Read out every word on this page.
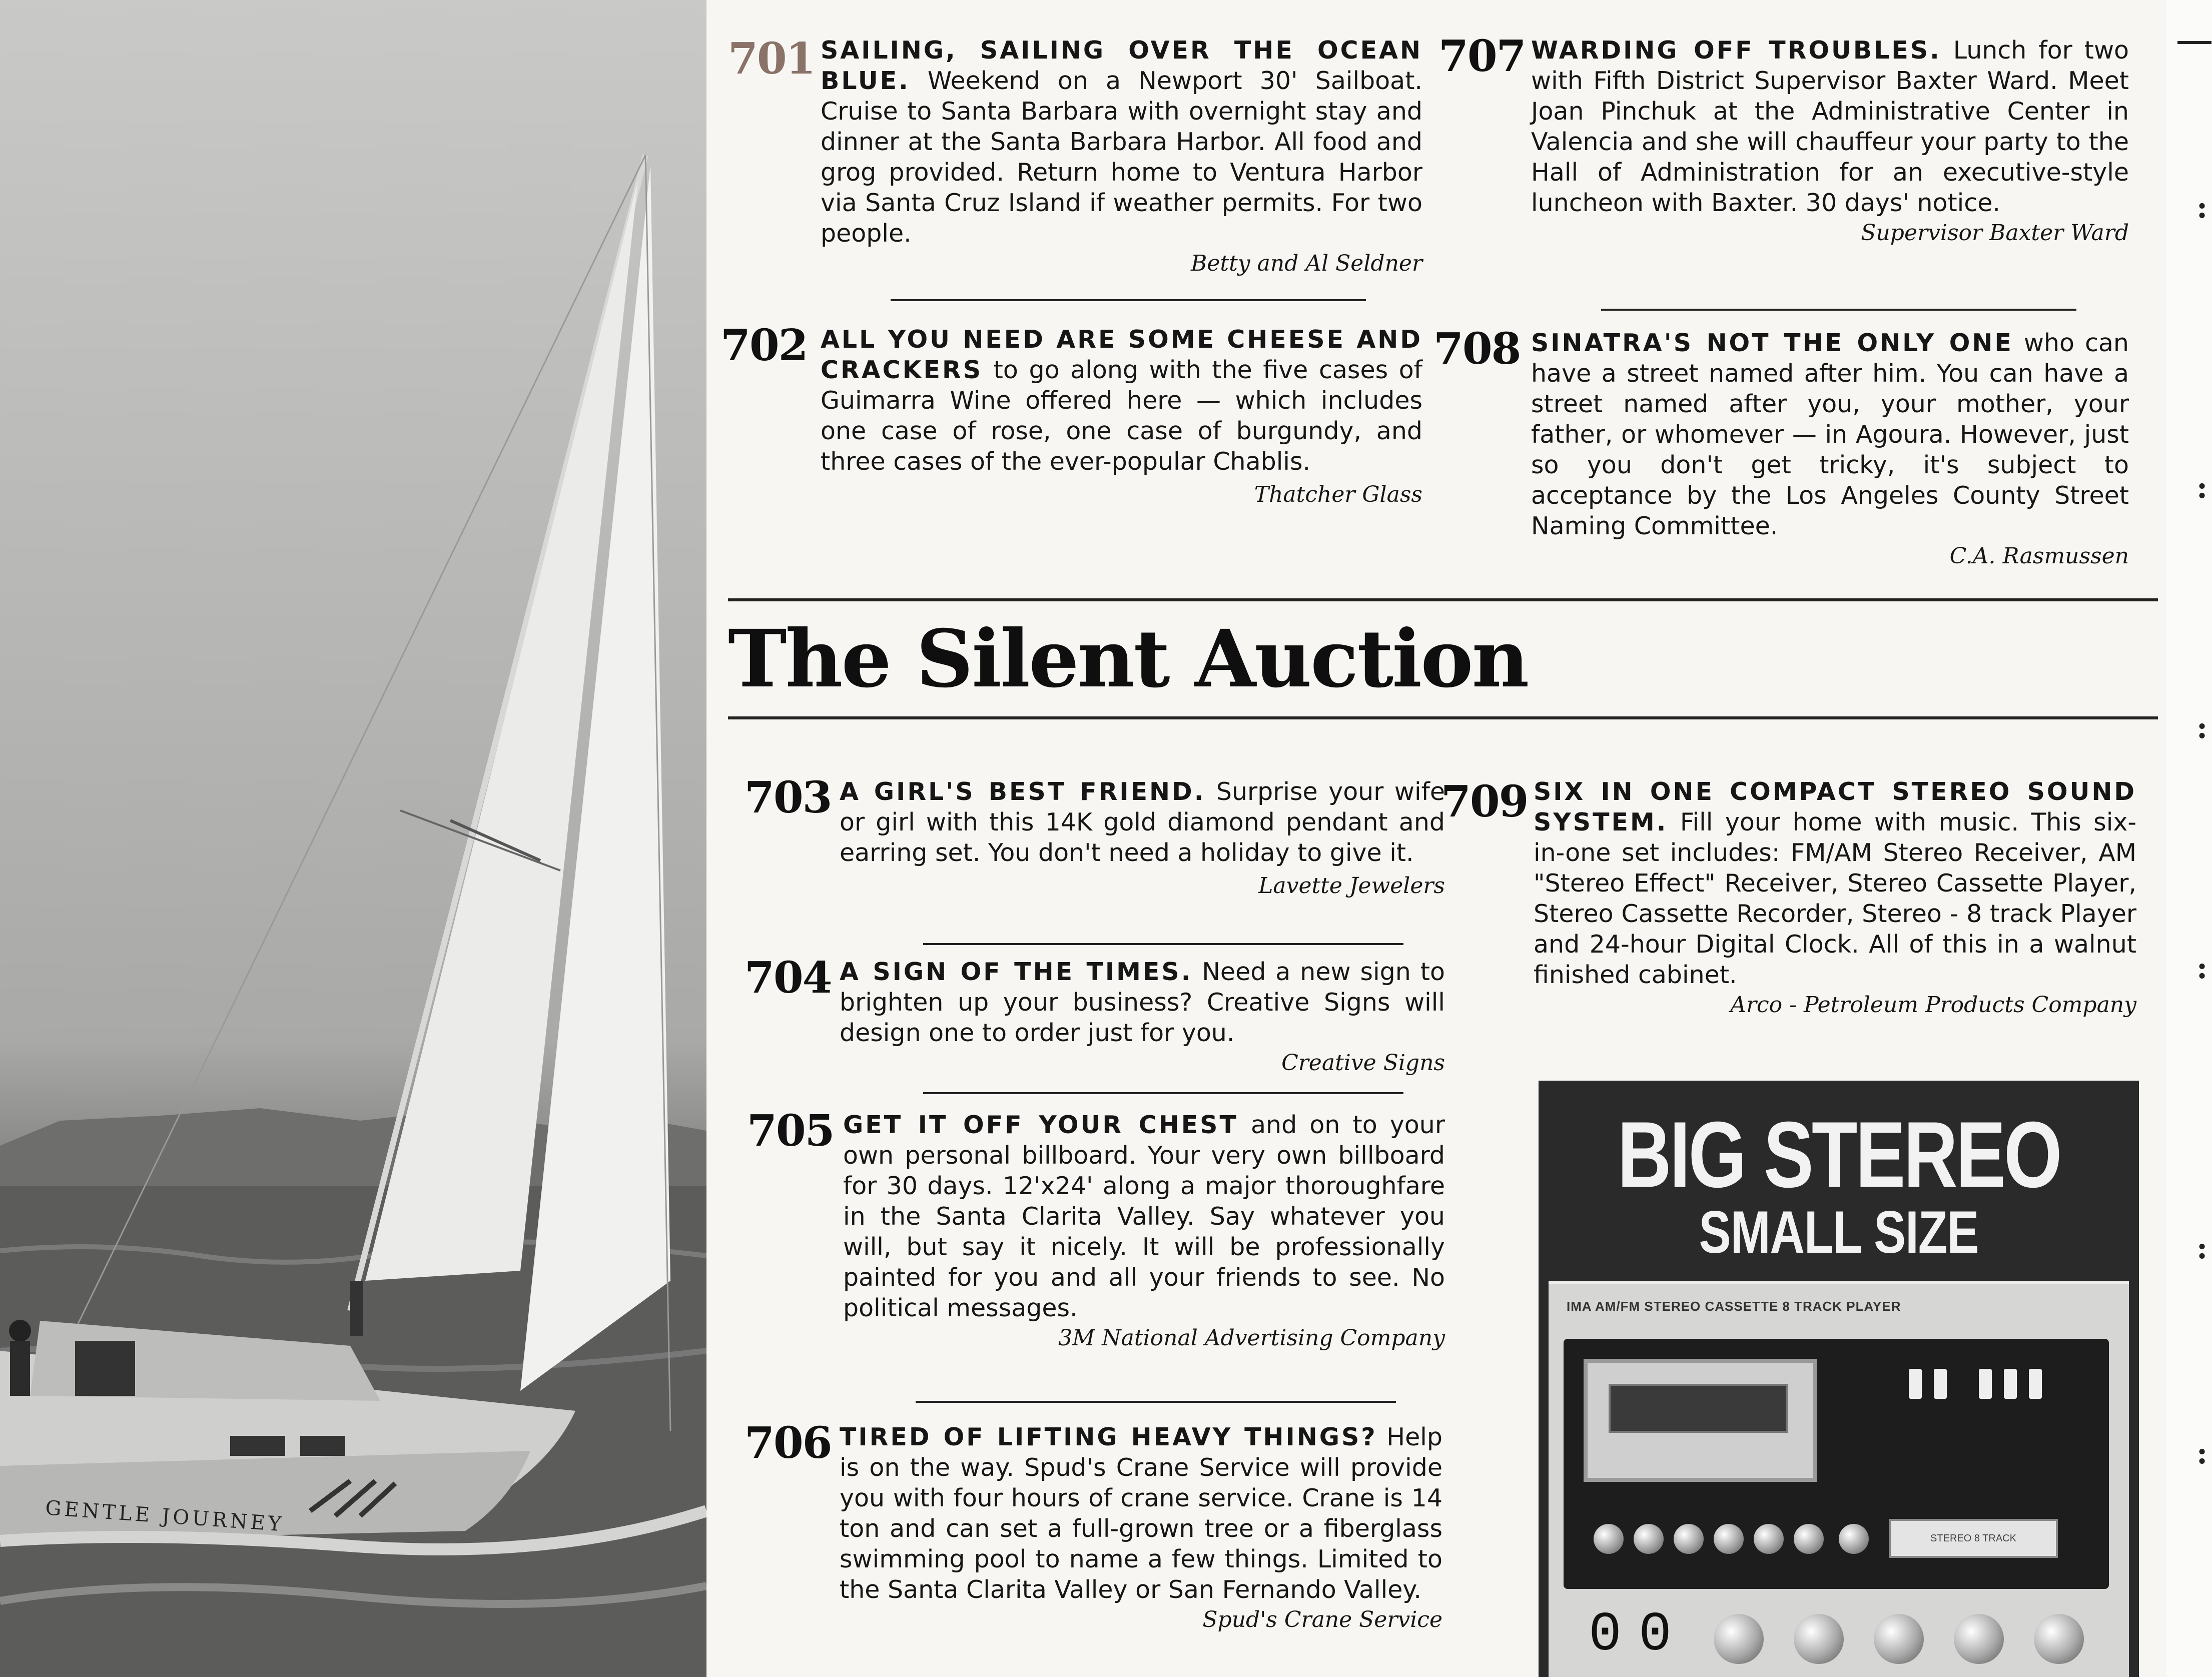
GENTLE JOURNEY
:
:
:
:
:
:
701 SAILING, SAILING OVER THE OCEAN BLUE. Weekend on a Newport 30' Sailboat. Cruise to Santa Barbara with overnight stay and dinner at the Santa Barbara Harbor. All food and grog provided. Return home to Ventura Harbor via Santa Cruz Island if weather permits. For two people.

Betty and Al Seldner
702 ALL YOU NEED ARE SOME CHEESE AND CRACKERS to go along with the five cases of Guimarra Wine offered here — which includes one case of rose, one case of burgundy, and three cases of the ever-popular Chablis.

Thatcher Glass
707 WARDING OFF TROUBLES. Lunch for two with Fifth District Supervisor Baxter Ward. Meet Joan Pinchuk at the Administrative Center in Valencia and she will chauffeur your party to the Hall of Administration for an executive-style luncheon with Baxter. 30 days' notice.

Supervisor Baxter Ward
708 SINATRA'S NOT THE ONLY ONE who can have a street named after him. You can have a street named after you, your mother, your father, or whomever — in Agoura. However, just so you don't get tricky, it's subject to acceptance by the Los Angeles County Street Naming Committee.

C.A. Rasmussen
The Silent Auction
703 A GIRL'S BEST FRIEND. Surprise your wife or girl with this 14K gold diamond pendant and earring set. You don't need a holiday to give it.

Lavette Jewelers
704 A SIGN OF THE TIMES. Need a new sign to brighten up your business? Creative Signs will design one to order just for you.

Creative Signs
705 GET IT OFF YOUR CHEST and on to your own personal billboard. Your very own billboard for 30 days. 12'x24' along a major thoroughfare in the Santa Clarita Valley. Say whatever you will, but say it nicely. It will be professionally painted for you and all your friends to see. No political messages.

3M National Advertising Company
706 TIRED OF LIFTING HEAVY THINGS? Help is on the way. Spud's Crane Service will provide you with four hours of crane service. Crane is 14 ton and can set a full-grown tree or a fiberglass swimming pool to name a few things. Limited to the Santa Clarita Valley or San Fernando Valley.

Spud's Crane Service
709 SIX IN ONE COMPACT STEREO SOUND SYSTEM. Fill your home with music. This six-in-one set includes: FM/AM Stereo Receiver, AM "Stereo Effect" Receiver, Stereo Cassette Player, Stereo Cassette Recorder, Stereo - 8 track Player and 24-hour Digital Clock. All of this in a walnut finished cabinet.

Arco - Petroleum Products Company
BIG STEREO
SMALL SIZE
IMA AM/FM STEREO CASSETTE 8 TRACK PLAYER
STEREO 8 TRACK
0 0
